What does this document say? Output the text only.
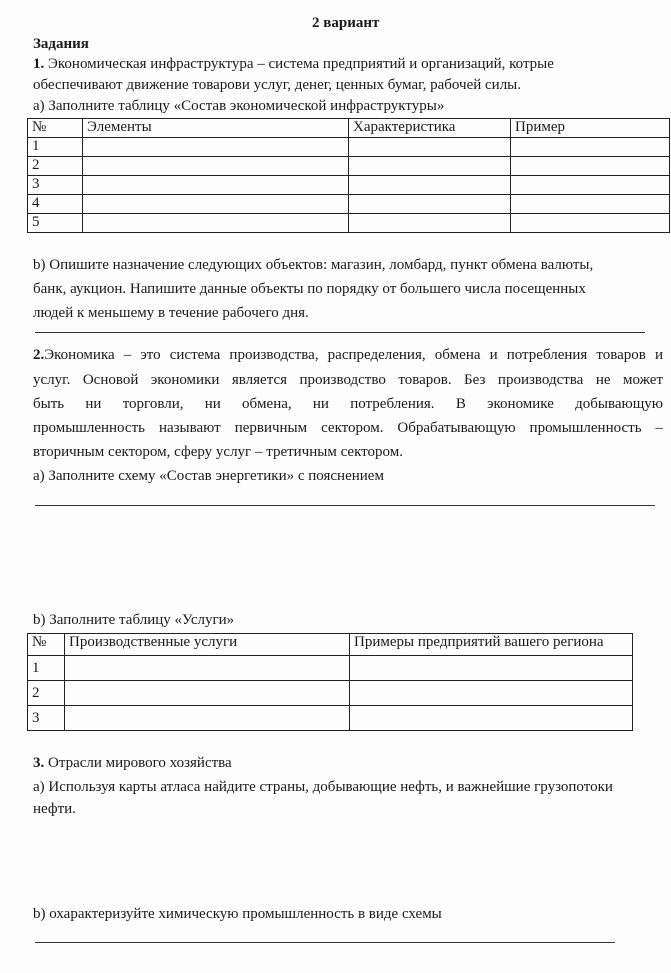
2 вариант
Задания
1. Экономическая инфраструктура – система предприятий и организаций, котрые
обеспечивают движение товарови услуг, денег, ценных бумаг, рабочей силы.
а) Заполните таблицу «Состав экономической инфраструктуры»
№	Элементы	Характеристика	Пример
1			
2			
3			
4			
5			
b) Опишите назначение следующих объектов: магазин, ломбард, пункт обмена валюты,
банк, аукцион. Напишите данные объекты по порядку от большего числа посещенных
людей к меньшему в течение рабочего дня.
2.Экономика – это система производства, распределения, обмена и потребления товаров и
услуг. Основой экономики является производство товаров. Без производства не может
быть ни торговли, ни обмена, ни потребления. В экономике добывающую
промышленность называют первичным сектором. Обрабатывающую промышленность –
вторичным сектором, сферу услуг – третичным сектором.
а) Заполните схему «Состав энергетики» с пояснением
b) Заполните таблицу «Услуги»
№	Производственные услуги	Примеры предприятий вашего региона
1		
2		
3		
3. Отрасли мирового хозяйства
а) Используя карты атласа найдите страны, добывающие нефть, и важнейшие грузопотоки
нефти.
b) охарактеризуйте химическую промышленность в виде схемы
